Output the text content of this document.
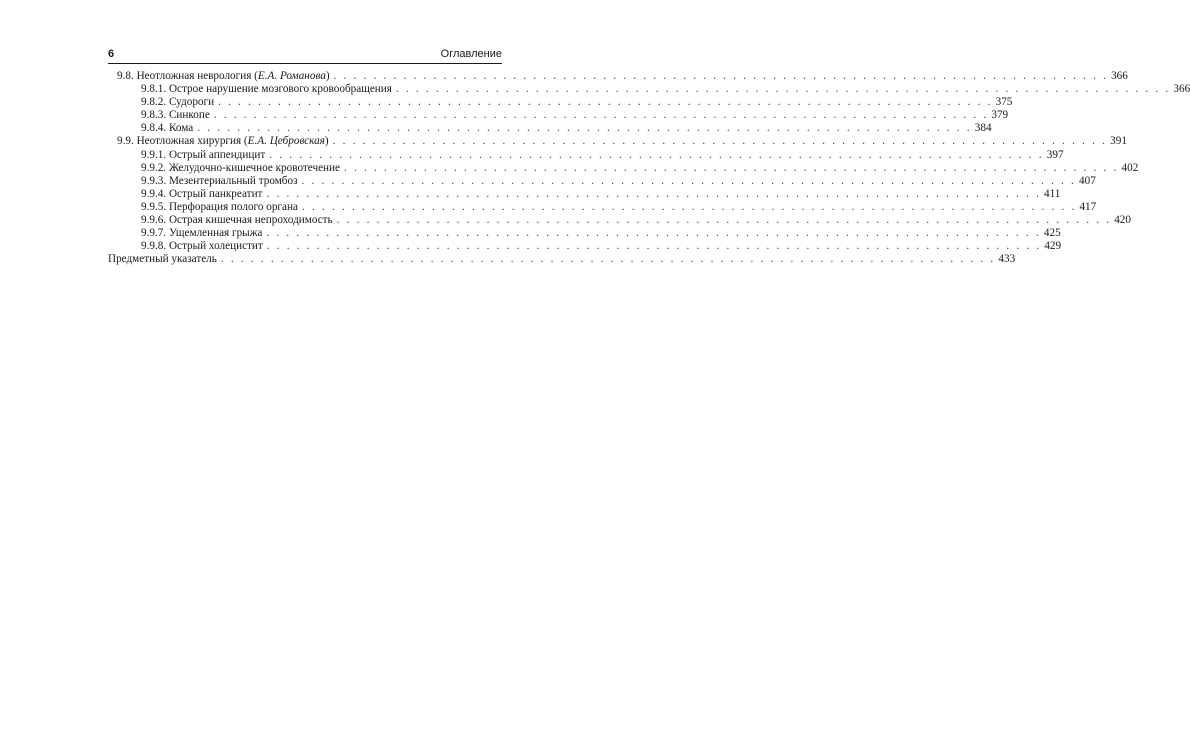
6	Оглавление
9.8. Неотложная неврология (Е.А. Романова) . . . . . . . . . . . . . . . . . . . . . . . . . . . . . . . . . . . . . . . . . . . . . . . . . . . . . . . . . . . . . . . . . . . . . . . . . . . . . . 366
9.8.1. Острое нарушение мозгового кровообращения . . . . . . . . . . . . . . . . . . . . . . . . . . . . . . . . . . . . . . . . . . . . . . . . . . . . . . . . . . . . . . . . . . . . . . . . . . . . . . 366
9.8.2. Судороги . . . . . . . . . . . . . . . . . . . . . . . . . . . . . . . . . . . . . . . . . . . . . . . . . . . . . . . . . . . . . . . . . . . . . . . . . . . . . . 375
9.8.3. Синкопе . . . . . . . . . . . . . . . . . . . . . . . . . . . . . . . . . . . . . . . . . . . . . . . . . . . . . . . . . . . . . . . . . . . . . . . . . . . . . . 379
9.8.4. Кома . . . . . . . . . . . . . . . . . . . . . . . . . . . . . . . . . . . . . . . . . . . . . . . . . . . . . . . . . . . . . . . . . . . . . . . . . . . . . . 384
9.9. Неотложная хирургия (Е.А. Цебровская) . . . . . . . . . . . . . . . . . . . . . . . . . . . . . . . . . . . . . . . . . . . . . . . . . . . . . . . . . . . . . . . . . . . . . . . . . . . . . . 391
9.9.1. Острый аппендицит . . . . . . . . . . . . . . . . . . . . . . . . . . . . . . . . . . . . . . . . . . . . . . . . . . . . . . . . . . . . . . . . . . . . . . . . . . . . . . 397
9.9.2. Желудочно-кишечное кровотечение . . . . . . . . . . . . . . . . . . . . . . . . . . . . . . . . . . . . . . . . . . . . . . . . . . . . . . . . . . . . . . . . . . . . . . . . . . . . . . 402
9.9.3. Мезентериальный тромбоз . . . . . . . . . . . . . . . . . . . . . . . . . . . . . . . . . . . . . . . . . . . . . . . . . . . . . . . . . . . . . . . . . . . . . . . . . . . . . . 407
9.9.4. Острый панкреатит . . . . . . . . . . . . . . . . . . . . . . . . . . . . . . . . . . . . . . . . . . . . . . . . . . . . . . . . . . . . . . . . . . . . . . . . . . . . . . 411
9.9.5. Перфорация полого органа . . . . . . . . . . . . . . . . . . . . . . . . . . . . . . . . . . . . . . . . . . . . . . . . . . . . . . . . . . . . . . . . . . . . . . . . . . . . . . 417
9.9.6. Острая кишечная непроходимость . . . . . . . . . . . . . . . . . . . . . . . . . . . . . . . . . . . . . . . . . . . . . . . . . . . . . . . . . . . . . . . . . . . . . . . . . . . . . . 420
9.9.7. Ущемленная грыжа . . . . . . . . . . . . . . . . . . . . . . . . . . . . . . . . . . . . . . . . . . . . . . . . . . . . . . . . . . . . . . . . . . . . . . . . . . . . . . 425
9.9.8. Острый холецистит . . . . . . . . . . . . . . . . . . . . . . . . . . . . . . . . . . . . . . . . . . . . . . . . . . . . . . . . . . . . . . . . . . . . . . . . . . . . . . 429
Предметный указатель . . . . . . . . . . . . . . . . . . . . . . . . . . . . . . . . . . . . . . . . . . . . . . . . . . . . . . . . . . . . . . . . . . . . . . . . . . . . . . 433
